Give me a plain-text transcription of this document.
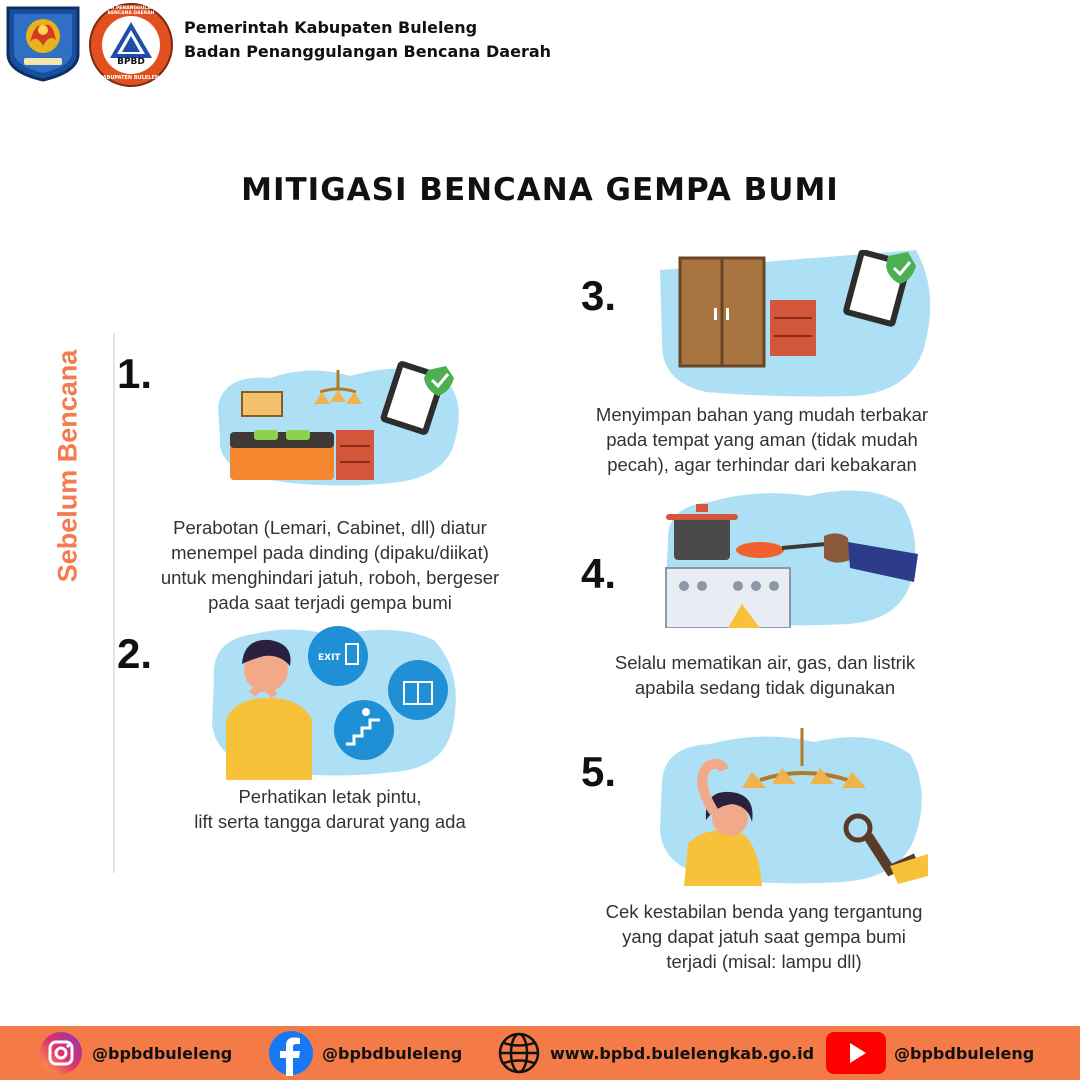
BPBD
BADAN PENANGGULANGAN BENCANA DAERAH
KABUPATEN BULELENG
Pemerintah Kabupaten Buleleng
Badan Penanggulangan Bencana Daerah
MITIGASI BENCANA GEMPA BUMI
Sebelum Bencana 1.
Perabotan (Lemari, Cabinet, dll) diatur
menempel pada dinding (dipaku/diikat)
untuk menghindari jatuh, roboh, bergeser
pada saat terjadi gempa bumi
2.	EXIT
Perhatikan letak pintu,
lift serta tangga darurat yang ada
3.
Menyimpan bahan yang mudah terbakar
pada tempat yang aman (tidak mudah
pecah), agar terhindar dari kebakaran
4.
Selalu mematikan air, gas, dan listrik
apabila sedang tidak digunakan
5.
Cek kestabilan benda yang tergantung
yang dapat jatuh saat gempa bumi
terjadi (misal: lampu dll)
@bpbdbuleleng	@bpbdbuleleng	www.bpbd.bulelengkab.go.id	@bpbdbuleleng
